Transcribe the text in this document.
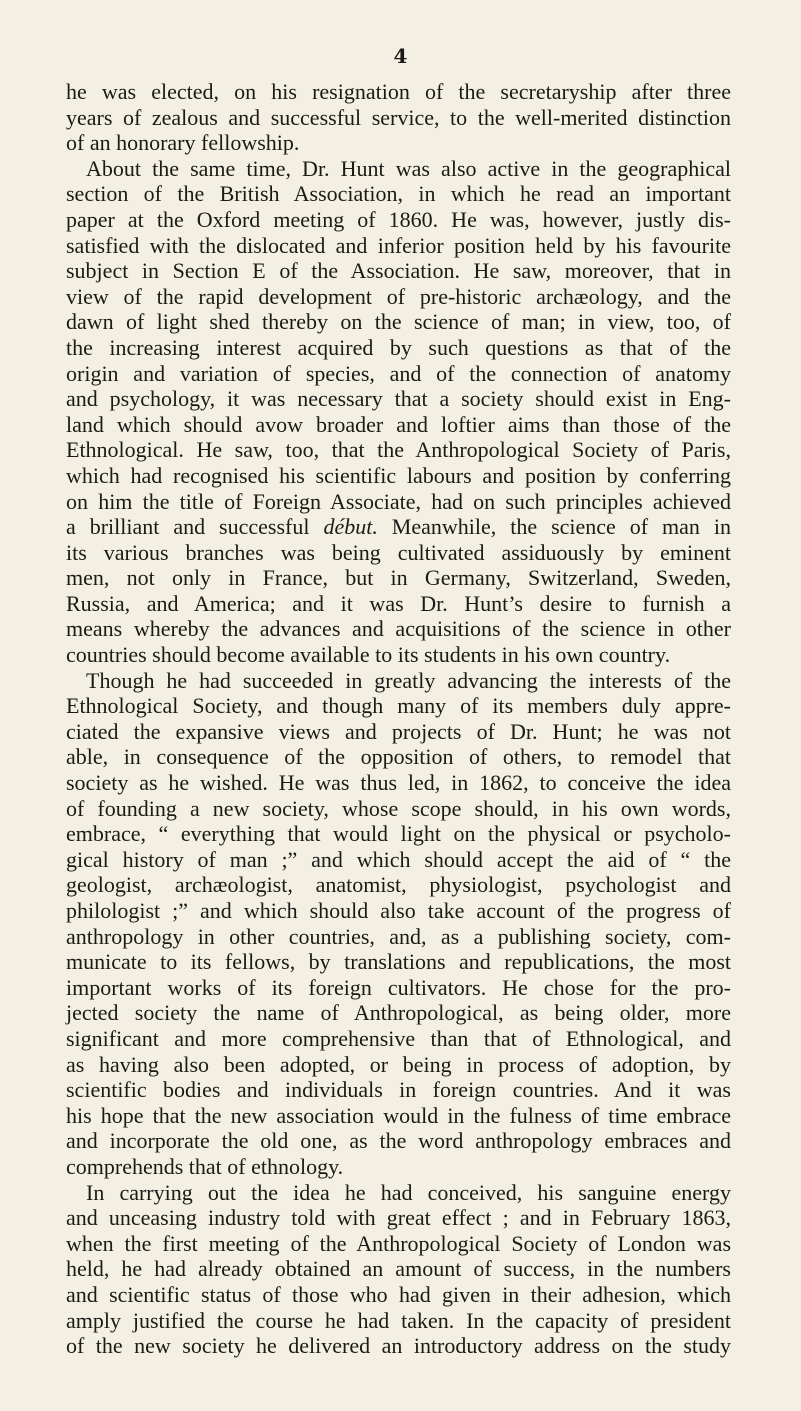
4
he was elected, on his resignation of the secretaryship after three
years of zealous and successful service, to the well-merited distinction
of an honorary fellowship.
About the same time, Dr. Hunt was also active in the geographical
section of the British Association, in which he read an important
paper at the Oxford meeting of 1860. He was, however, justly dis-
satisfied with the dislocated and inferior position held by his favourite
subject in Section E of the Association. He saw, moreover, that in
view of the rapid development of pre-historic archæology, and the
dawn of light shed thereby on the science of man; in view, too, of
the increasing interest acquired by such questions as that of the
origin and variation of species, and of the connection of anatomy
and psychology, it was necessary that a society should exist in Eng-
land which should avow broader and loftier aims than those of the
Ethnological. He saw, too, that the Anthropological Society of Paris,
which had recognised his scientific labours and position by conferring
on him the title of Foreign Associate, had on such principles achieved
a brilliant and successful début. Meanwhile, the science of man in
its various branches was being cultivated assiduously by eminent
men, not only in France, but in Germany, Switzerland, Sweden,
Russia, and America; and it was Dr. Hunt’s desire to furnish a
means whereby the advances and acquisitions of the science in other
countries should become available to its students in his own country.
Though he had succeeded in greatly advancing the interests of the
Ethnological Society, and though many of its members duly appre-
ciated the expansive views and projects of Dr. Hunt; he was not
able, in consequence of the opposition of others, to remodel that
society as he wished. He was thus led, in 1862, to conceive the idea
of founding a new society, whose scope should, in his own words,
embrace, “ everything that would light on the physical or psycholo-
gical history of man ;” and which should accept the aid of “ the
geologist, archæologist, anatomist, physiologist, psychologist and
philologist ;” and which should also take account of the progress of
anthropology in other countries, and, as a publishing society, com-
municate to its fellows, by translations and republications, the most
important works of its foreign cultivators. He chose for the pro-
jected society the name of Anthropological, as being older, more
significant and more comprehensive than that of Ethnological, and
as having also been adopted, or being in process of adoption, by
scientific bodies and individuals in foreign countries. And it was
his hope that the new association would in the fulness of time embrace
and incorporate the old one, as the word anthropology embraces and
comprehends that of ethnology.
In carrying out the idea he had conceived, his sanguine energy
and unceasing industry told with great effect ; and in February 1863,
when the first meeting of the Anthropological Society of London was
held, he had already obtained an amount of success, in the numbers
and scientific status of those who had given in their adhesion, which
amply justified the course he had taken. In the capacity of president
of the new society he delivered an introductory address on the study
